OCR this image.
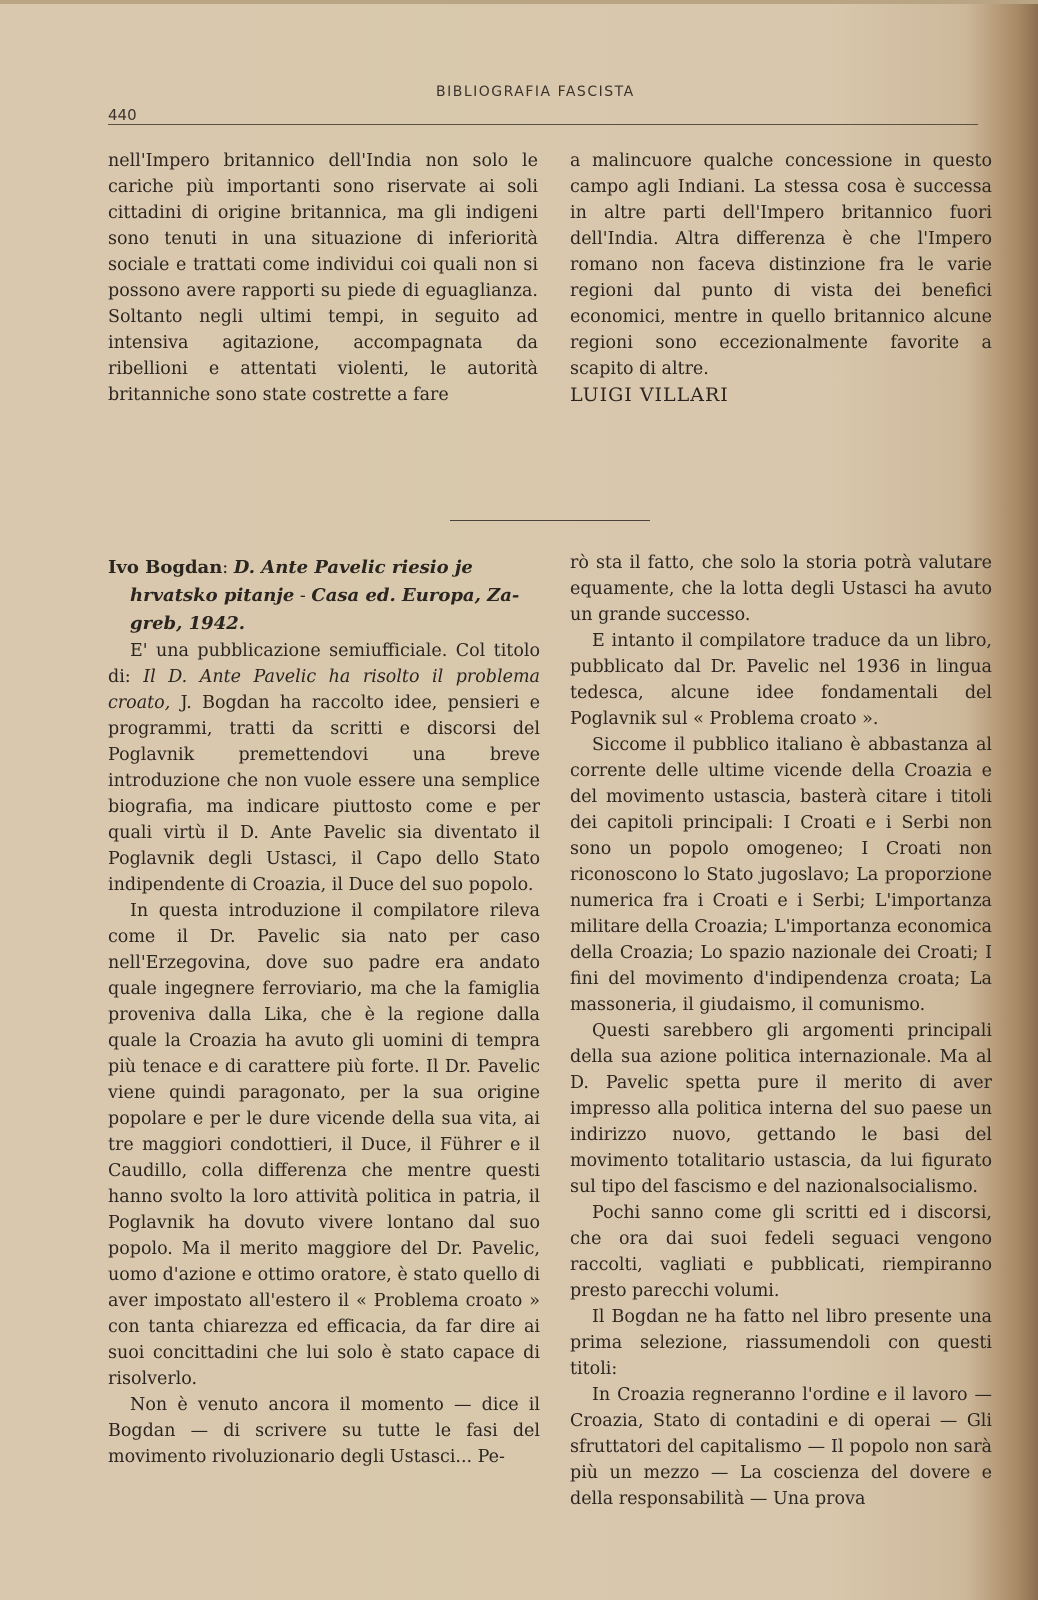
BIBLIOGRAFIA FASCISTA
440

nell'Impero britannico dell'India non solo le cariche più importanti sono riservate ai soli cittadini di origine britannica, ma gli indigeni sono tenuti in una situazione di inferiorità sociale e trattati come individui coi quali non si possono avere rapporti su piede di eguaglianza. Soltanto negli ultimi tempi, in seguito ad intensiva agitazione, accompagnata da ribellioni e attentati violenti, le autorità britanniche sono state costrette a fare

a malincuore qualche concessione in questo campo agli Indiani. La stessa cosa è successa in altre parti dell'Impero britannico fuori dell'India. Altra differenza è che l'Impero romano non faceva distinzione fra le varie regioni dal punto di vista dei benefici economici, mentre in quello britannico alcune regioni sono eccezionalmente favorite a scapito di altre.

LUIGI VILLARI

Ivo Bogdan: D. Ante Pavelic riesio je
hrvatsko pitanje - Casa ed. Europa, Za-
greb, 1942.

E' una pubblicazione semiufficiale. Col titolo di: Il D. Ante Pavelic ha risolto il problema croato, J. Bogdan ha raccolto idee, pensieri e programmi, tratti da scritti e discorsi del Poglavnik premettendovi una breve introduzione che non vuole essere una semplice biografia, ma indicare piuttosto come e per quali virtù il D. Ante Pavelic sia diventato il Poglavnik degli Ustasci, il Capo dello Stato indipendente di Croazia, il Duce del suo popolo.

In questa introduzione il compilatore rileva come il Dr. Pavelic sia nato per caso nell'Erzegovina, dove suo padre era andato quale ingegnere ferroviario, ma che la famiglia proveniva dalla Lika, che è la regione dalla quale la Croazia ha avuto gli uomini di tempra più tenace e di carattere più forte. Il Dr. Pavelic viene quindi paragonato, per la sua origine popolare e per le dure vicende della sua vita, ai tre maggiori condottieri, il Duce, il Führer e il Caudillo, colla differenza che mentre questi hanno svolto la loro attività politica in patria, il Poglavnik ha dovuto vivere lontano dal suo popolo. Ma il merito maggiore del Dr. Pavelic, uomo d'azione e ottimo oratore, è stato quello di aver impostato all'estero il « Problema croato » con tanta chiarezza ed efficacia, da far dire ai suoi concittadini che lui solo è stato capace di risolverlo.

Non è venuto ancora il momento — dice il Bogdan — di scrivere su tutte le fasi del movimento rivoluzionario degli Ustasci... Pe-

rò sta il fatto, che solo la storia potrà valutare equamente, che la lotta degli Ustasci ha avuto un grande successo.

E intanto il compilatore traduce da un libro, pubblicato dal Dr. Pavelic nel 1936 in lingua tedesca, alcune idee fondamentali del Poglavnik sul « Problema croato ».

Siccome il pubblico italiano è abbastanza al corrente delle ultime vicende della Croazia e del movimento ustascia, basterà citare i titoli dei capitoli principali: I Croati e i Serbi non sono un popolo omogeneo; I Croati non riconoscono lo Stato jugoslavo; La proporzione numerica fra i Croati e i Serbi; L'importanza militare della Croazia; L'importanza economica della Croazia; Lo spazio nazionale dei Croati; I fini del movimento d'indipendenza croata; La massoneria, il giudaismo, il comunismo.

Questi sarebbero gli argomenti principali della sua azione politica internazionale. Ma al D. Pavelic spetta pure il merito di aver impresso alla politica interna del suo paese un indirizzo nuovo, gettando le basi del movimento totalitario ustascia, da lui figurato sul tipo del fascismo e del nazionalsocialismo.

Pochi sanno come gli scritti ed i discorsi, che ora dai suoi fedeli seguaci vengono raccolti, vagliati e pubblicati, riempiranno presto parecchi volumi.

Il Bogdan ne ha fatto nel libro presente una prima selezione, riassumendoli con questi titoli:

In Croazia regneranno l'ordine e il lavoro — Croazia, Stato di contadini e di operai — Gli sfruttatori del capitalismo — Il popolo non sarà più un mezzo — La coscienza del dovere e della responsabilità — Una prova
